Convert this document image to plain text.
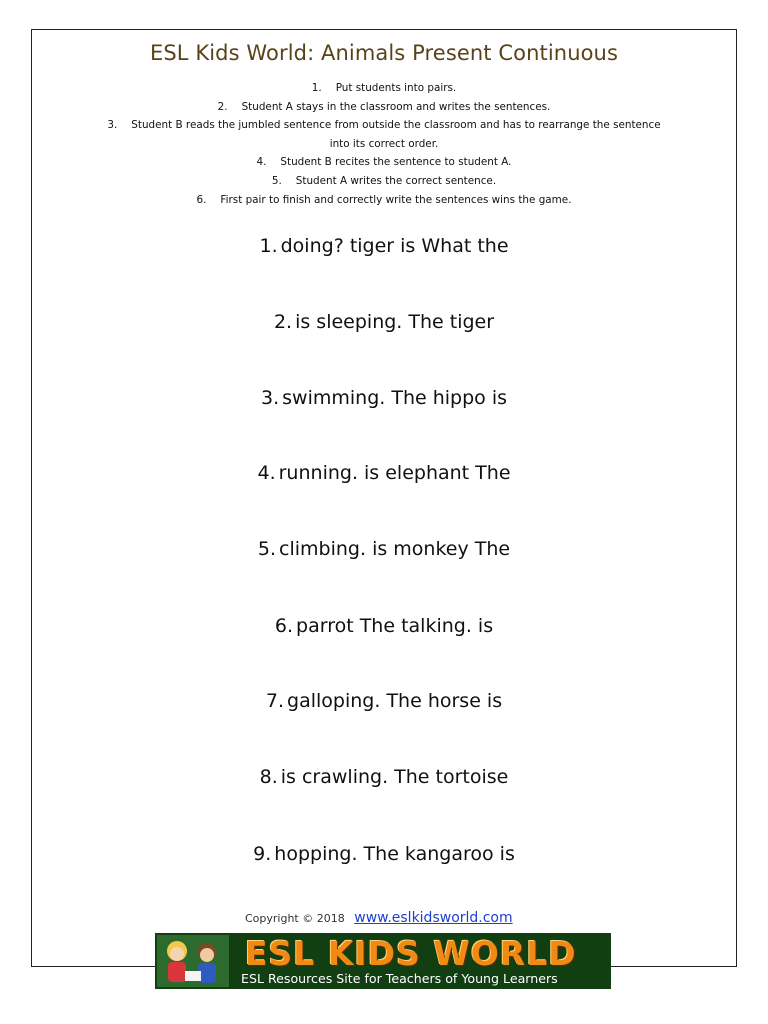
ESL Kids World: Animals Present Continuous
1. Put students into pairs.
2. Student A stays in the classroom and writes the sentences.
3. Student B reads the jumbled sentence from outside the classroom and has to rearrange the sentence
into its correct order.
4. Student B recites the sentence to student A.
5. Student A writes the correct sentence.
6. First pair to finish and correctly write the sentences wins the game.
1. doing? tiger is What the
2. is sleeping. The tiger
3. swimming. The hippo is
4. running. is elephant The
5. climbing. is monkey The
6. parrot The talking. is
7. galloping. The horse is
8. is crawling. The tortoise
9. hopping. The kangaroo is
Copyright © 2018 www.eslkidsworld.com
ESL KIDS WORLD
ESL Resources Site for Teachers of Young Learners
